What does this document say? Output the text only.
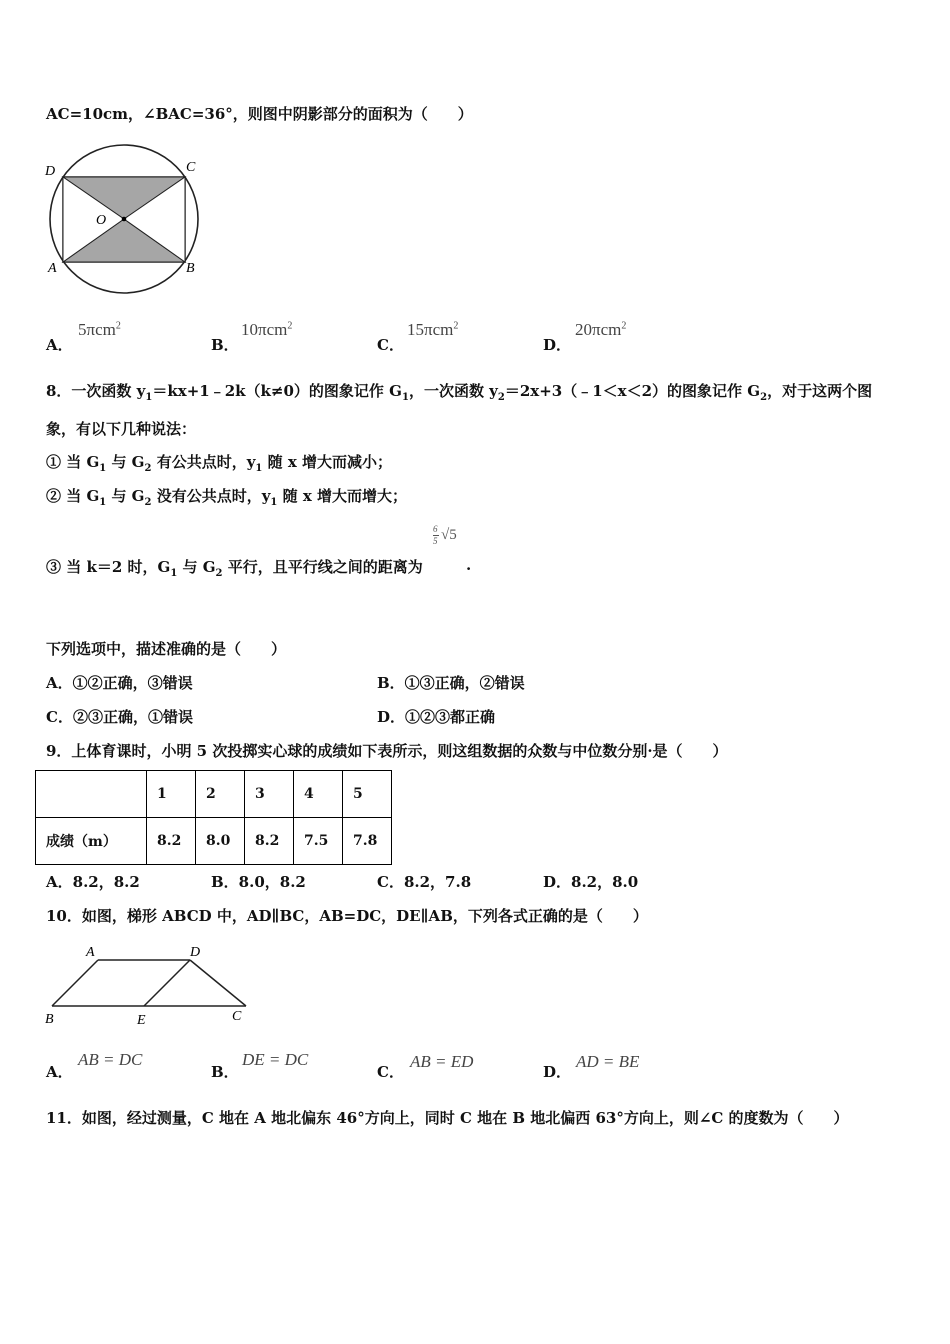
AC=10cm，∠BAC=36°，则图中阴影部分的面积为（　　）
D	C
O
A	B
A．
5πcm$^2$
B．
10πcm$^2$
C．
15πcm$^2$
D．
20πcm$^2$
8．一次函数 $y_1=kx+1﹣2k(k\ne 0)$的图象记作 $G_1$，一次函数 $y_2=2x+3(﹣1<x<2)$的图象记作 $G_2$，对于这两个图
象，有以下几种说法：
① 当 $G_1$ 与 $G_2$ 有公共点时，$y_1$ 随 x 增大而减小；
② 当 $G_1$ 与 $G_2$ 没有公共点时，$y_1$ 随 x 增大而增大；
③ 当 k＝2 时，$G_1$ 与 $G_2$ 平行，且平行线之间的距离为	.
6
5 √5
下列选项中，描述准确的是（　　）
A．①②正确，③错误	B．①③正确，②错误
C．②③正确，①错误	D．①②③都正确
9．上体育课时，小明 5 次投掷实心球的成绩如下表所示，则这组数据的众数与中位数分别·是（　　）
	1	2	3	4	5
成绩（m）	8.2	8.0	8.2	7.5	7.8
A．8.2，8.2	B．8.0，8.2	C．8.2，7.8	D．8.2，8.0
10．如图，梯形 ABCD 中，AD∥BC，AB=DC，DE∥AB，下列各式正确的是（　　）
A	D
B	E	C
A．
AB = DC
B．
DE = DC
C．
AB = ED
D．
AD = BE
11．如图，经过测量，C 地在 A 地北偏东 46°方向上，同时 C 地在 B 地北偏西 63°方向上，则∠C 的度数为（　　）
